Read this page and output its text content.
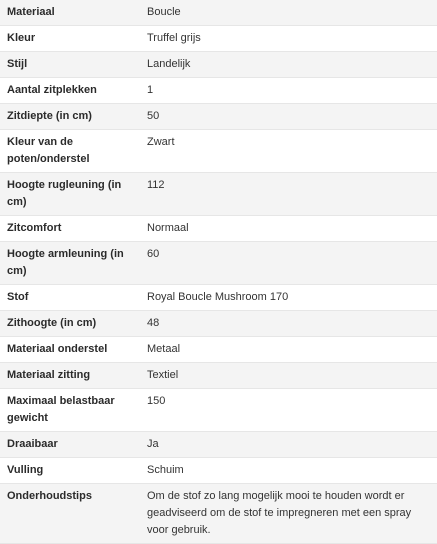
Materiaal	Boucle
Kleur	Truffel grijs
Stijl	Landelijk
Aantal zitplekken	1
Zitdiepte (in cm)	50
Kleur van de poten/onderstel	Zwart
Hoogte rugleuning (in cm)	112
Zitcomfort	Normaal
Hoogte armleuning (in cm)	60
Stof	Royal Boucle Mushroom 170
Zithoogte (in cm)	48
Materiaal onderstel	Metaal
Materiaal zitting	Textiel
Maximaal belastbaar gewicht	150
Draaibaar	Ja
Vulling	Schuim
Onderhoudstips	Om de stof zo lang mogelijk mooi te houden wordt er geadviseerd om de stof te impregneren met een spray voor gebruik.
